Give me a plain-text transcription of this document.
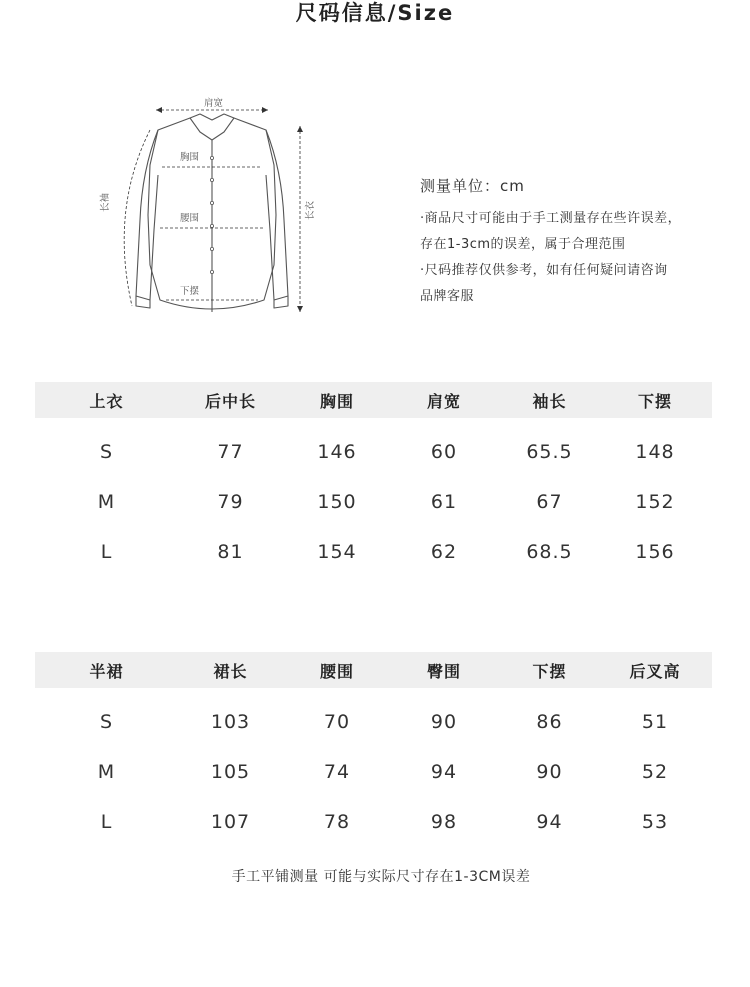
尺码信息/Size
肩宽
胸围
腰围
下摆
长袖	长衣
测量单位：cm
·商品尺寸可能由于手工测量存在些许误差，
存在1-3cm的误差，属于合理范围
·尺码推荐仅供参考，如有任何疑问请咨询
品牌客服
上衣	后中长	胸围	肩宽	袖长	下摆
S	77	146	60	65.5	148
M	79	150	61	67	152
L	81	154	62	68.5	156
半裙	裙长	腰围	臀围	下摆	后叉高
S	103	70	90	86	51
M	105	74	94	90	52
L	107	78	98	94	53
手工平铺测量 可能与实际尺寸存在1-3CM误差
